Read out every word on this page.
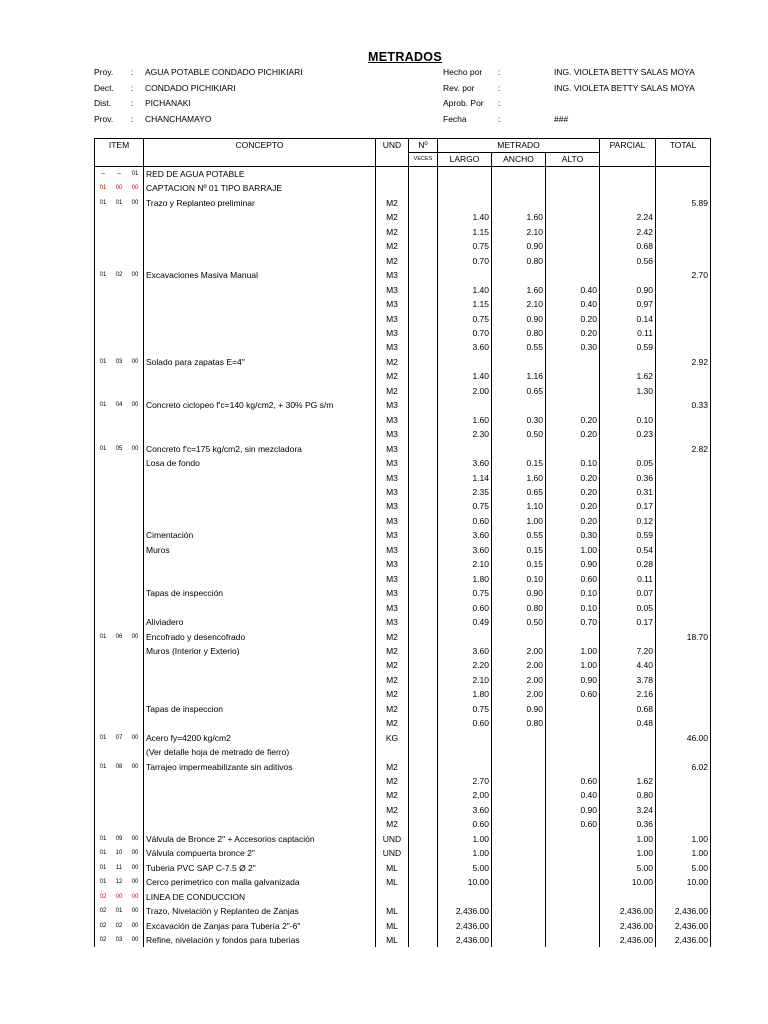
METRADOS
Proy. : AGUA POTABLE CONDADO PICHIKIARI	Hecho por :	ING. VIOLETA BETTY SALAS MOYA
Dect. : CONDADO PICHIKIARI	Rev. por	:	ING. VIOLETA BETTY SALAS MOYA
Dist. : PICHANAKI	Aprob. Por :
Prov. : CHANCHAMAYO	Fecha	:	###
ITEM	CONCEPTO	UND	Nº	METRADO			PARCIAL	TOTAL
			VECES	LARGO	ANCHO	ALTO		
-- -- 01	RED DE AGUA POTABLE							
01 00 00	CAPTACION Nº 01 TIPO BARRAJE							
01 01 00	Trazo y Replanteo preliminar	M2						5.89
		M2		1.40	1.60		2.24	
		M2		1.15	2.10		2.42	
		M2		0.75	0.90		0.68	
		M2		0.70	0.80		0.56	
01 02 00	Excavaciones Masiva Manual	M3						2.70
		M3		1.40	1.60	0.40	0.90	
		M3		1.15	2.10	0.40	0.97	
		M3		0.75	0.90	0.20	0.14	
		M3		0.70	0.80	0.20	0.11	
		M3		3.60	0.55	0.30	0.59	
01 03 00	Solado para zapatas E=4"	M2						2.92
		M2		1.40	1.16		1.62	
		M2		2.00	0.65		1.30	
01 04 00	Concreto ciclopeo f'c=140 kg/cm2, + 30% PG s/m	M3						0.33
		M3		1.60	0.30	0.20	0.10	
		M3		2.30	0.50	0.20	0.23	
01 05 00	Concreto f'c=175 kg/cm2, sin mezcladora	M3						2.82
	Losa de fondo	M3		3.60	0.15	0.10	0.05	
		M3		1.14	1.60	0.20	0.36	
		M3		2.35	0.65	0.20	0.31	
		M3		0.75	1.10	0.20	0.17	
		M3		0.60	1.00	0.20	0.12	
	Cimentación	M3		3.60	0.55	0.30	0.59	
	Muros	M3		3.60	0.15	1.00	0.54	
		M3		2.10	0.15	0.90	0.28	
		M3		1.80	0.10	0.60	0.11	
	Tapas de inspección	M3		0.75	0.90	0.10	0.07	
		M3		0.60	0.80	0.10	0.05	
	Aliviadero	M3		0.49	0.50	0.70	0.17	
01 06 00	Encofrado y desencofrado	M2						18.70
	Muros (Interior y Exterio)	M2		3.60	2.00	1.00	7.20	
		M2		2.20	2.00	1.00	4.40	
		M2		2.10	2.00	0.90	3.78	
		M2		1.80	2.00	0.60	2.16	
	Tapas de inspeccion	M2		0.75	0.90		0.68	
		M2		0.60	0.80		0.48	
01 07 00	Acero fy=4200 kg/cm2	KG						46.00
	(Ver detalle hoja de metrado de fierro)							
01 08 00	Tarrajeo impermeabilizante sin aditivos	M2						6.02
		M2		2.70		0.60	1.62	
		M2		2.00		0.40	0.80	
		M2		3.60		0.90	3.24	
		M2		0.60		0.60	0.36	
01 09 00	Válvula de Bronce 2" + Accesorios captación	UND		1.00			1.00	1.00
01 10 00	Válvula compuerta bronce 2"	UND		1.00			1.00	1.00
01 11 00	Tuberia PVC SAP C-7.5 Ø 2"	ML		5.00			5.00	5.00
01 12 00	Cerco perimetrico con malla galvanizada	ML		10.00			10.00	10.00
02 00 00	LINEA DE CONDUCCION							
02 01 00	Trazo, Nivelación y Replanteo de Zanjas	ML		2,436.00			2,436.00	2,436.00
02 02 00	Excavación de Zanjas para Tubería 2"-6"	ML		2,436.00			2,436.00	2,436.00
02 03 00	Refine, nivelación y fondos para tuberias	ML		2,436.00			2,436.00	2,436.00
